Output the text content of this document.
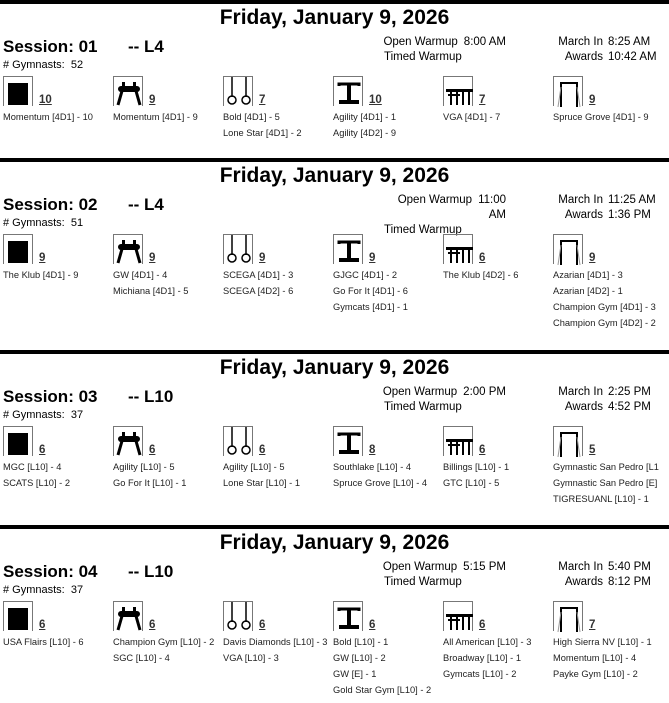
Friday, January 9, 2026
Session: 01 -- L4
# Gymnasts: 52
Open Warmup 8:00 AM
Timed Warmup
March In 8:25 AM
Awards 10:42 AM
10
Momentum [4D1] - 10
9
Momentum [4D1] - 9
7
Bold [4D1] - 5
Lone Star [4D1] - 2
10
Agility [4D1] - 1
Agility [4D2] - 9
7
VGA [4D1] - 7
9
Spruce Grove [4D1] - 9
Friday, January 9, 2026
Session: 02 -- L4
# Gymnasts: 51
Open Warmup 11:00 AM
Timed Warmup
March In 11:25 AM
Awards 1:36 PM
9
The Klub [4D1] - 9
9
GW [4D1] - 4
Michiana [4D1] - 5
9
SCEGA [4D1] - 3
SCEGA [4D2] - 6
9
GJGC [4D1] - 2
Go For It [4D1] - 6
Gymcats [4D1] - 1
6
The Klub [4D2] - 6
9
Azarian [4D1] - 3
Azarian [4D2] - 1
Champion Gym [4D1] - 3
Champion Gym [4D2] - 2
Friday, January 9, 2026
Session: 03 -- L10
# Gymnasts: 37
Open Warmup 2:00 PM
Timed Warmup
March In 2:25 PM
Awards 4:52 PM
6
MGC [L10] - 4
SCATS [L10] - 2
6
Agility [L10] - 5
Go For It [L10] - 1
6
Agility [L10] - 5
Lone Star [L10] - 1
8
Southlake [L10] - 4
Spruce Grove [L10] - 4
6
Billings [L10] - 1
GTC [L10] - 5
5
Gymnastic San Pedro [L1
Gymnastic San Pedro [E]
TIGRESUANL [L10] - 1
Friday, January 9, 2026
Session: 04 -- L10
# Gymnasts: 37
Open Warmup 5:15 PM
Timed Warmup
March In 5:40 PM
Awards 8:12 PM
6
USA Flairs [L10] - 6
6
Champion Gym [L10] - 2
SGC [L10] - 4
6
Davis Diamonds [L10] - 3
VGA [L10] - 3
6
Bold [L10] - 1
GW [L10] - 2
GW [E] - 1
Gold Star Gym [L10] - 2
6
All American [L10] - 3
Broadway [L10] - 1
Gymcats [L10] - 2
7
High Sierra NV [L10] - 1
Momentum [L10] - 4
Payke Gym [L10] - 2
